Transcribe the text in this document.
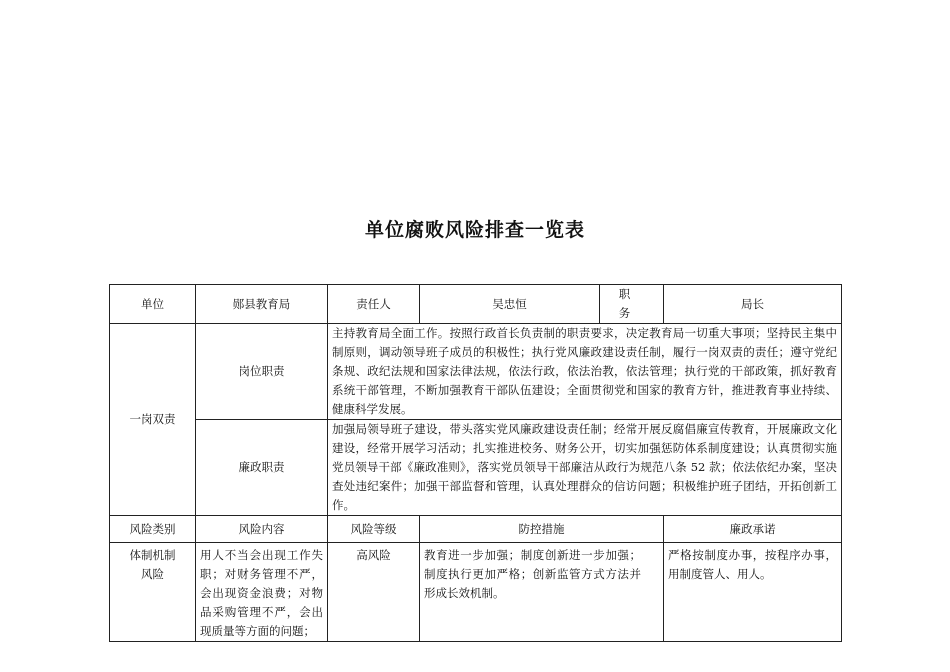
单位腐败风险排查一览表
单位	郧县教育局	责任人	吴忠恒	职 务	局长
一岗双责	岗位职责	主持教育局全面工作。按照行政首长负责制的职责要求，决定教育局一切重大事项；坚持民主集中制原则，调动领导班子成员的积极性；执行党风廉政建设责任制，履行一岗双责的责任；遵守党纪条规、政纪法规和国家法律法规，依法行政，依法治教，依法管理；执行党的干部政策，抓好教育系统干部管理，不断加强教育干部队伍建设；全面贯彻党和国家的教育方针，推进教育事业持续、健康科学发展。			
	廉政职责	加强局领导班子建设，带头落实党风廉政建设责任制；经常开展反腐倡廉宣传教育，开展廉政文化建设，经常开展学习活动；扎实推进校务、财务公开，切实加强惩防体系制度建设；认真贯彻实施党员领导干部《廉政准则》，落实党员领导干部廉洁从政行为规范八条 52 款；依法依纪办案，坚决查处违纪案件；加强干部监督和管理，认真处理群众的信访问题；积极维护班子团结，开拓创新工作。			
风险类别	风险内容	风险等级	防控措施		廉政承诺

体制机制风险	用人不当会出现工作失职；对财务管理不严，会出现资金浪费；对物品采购管理不严，会出现质量等方面的问题；	高风险	教育进一步加强；制度创新进一步加强；制度执行更加严格；创新监管方式方法并形成长效机制。		严格按制度办事，按程序办事，用制度管人、用人。
